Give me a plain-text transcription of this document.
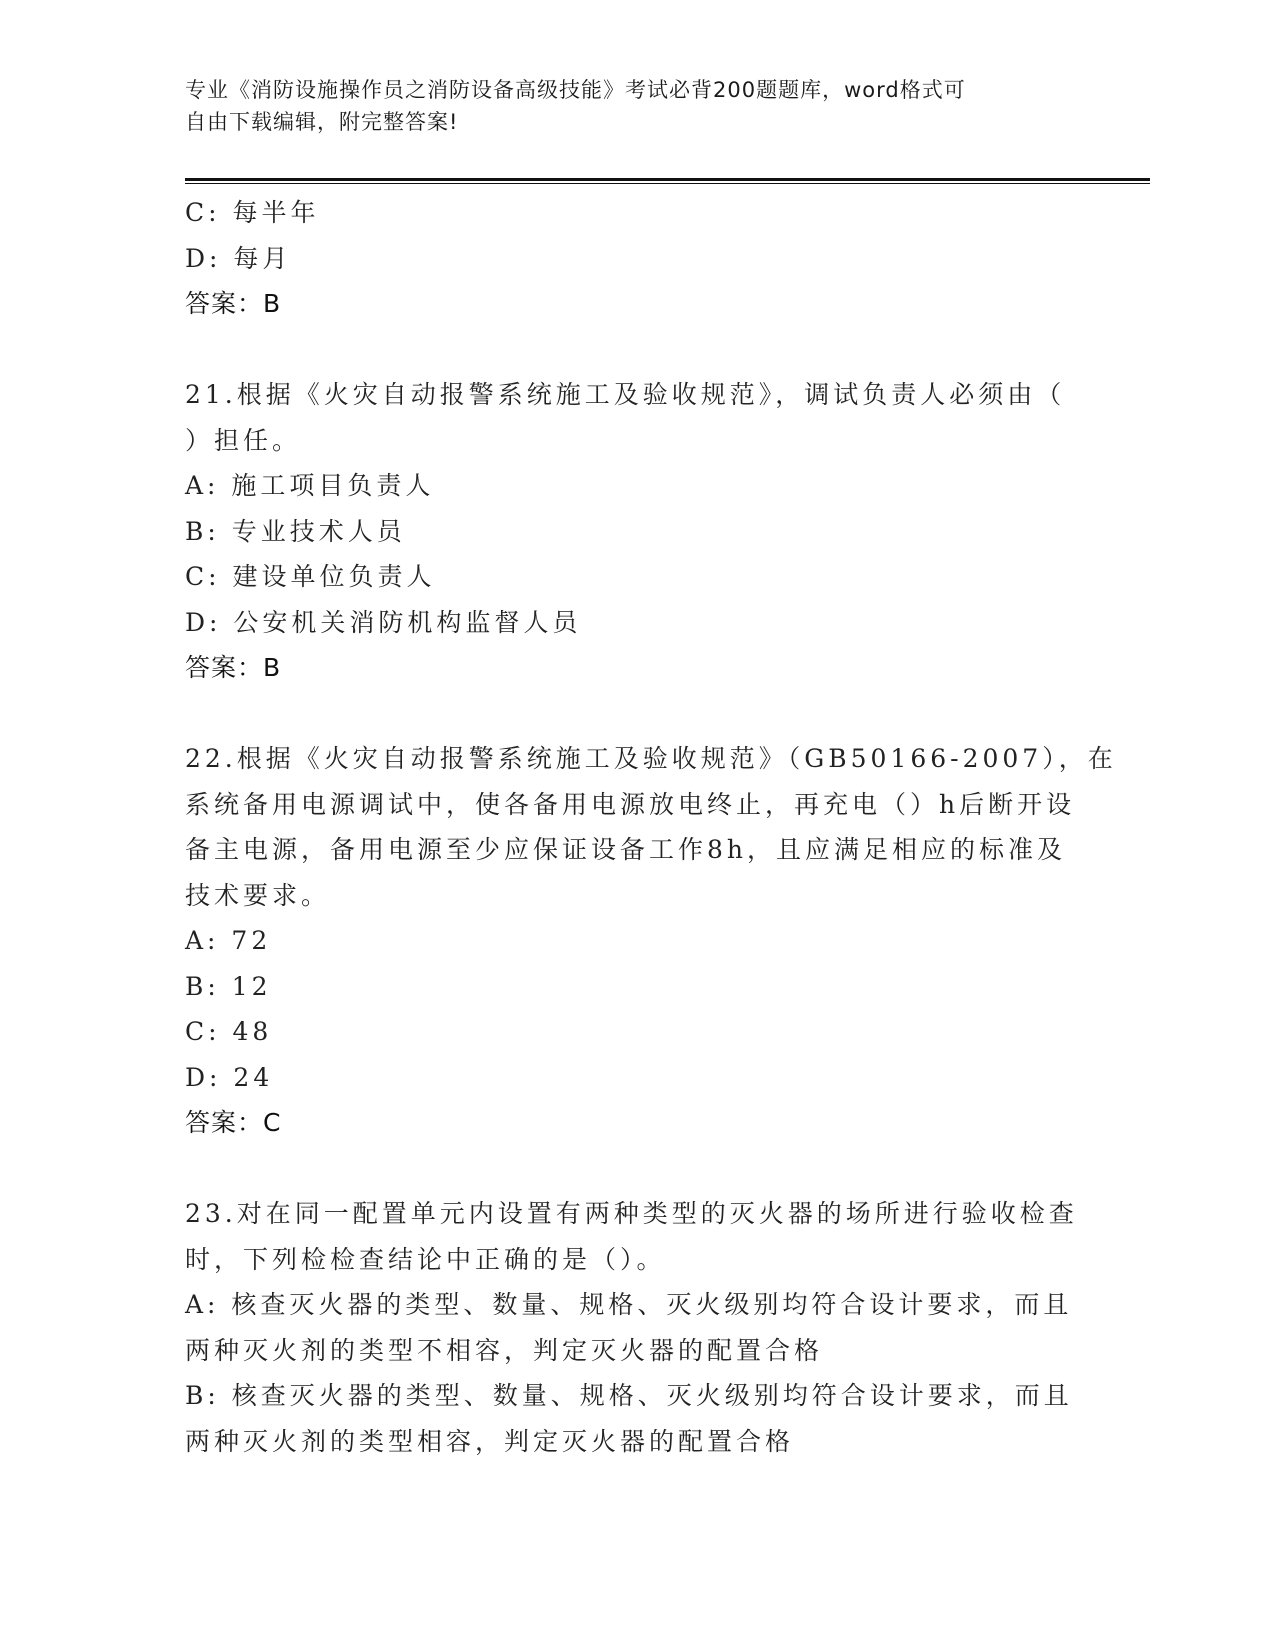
专业《消防设施操作员之消防设备高级技能》考试必背200题题库，word格式可
自由下载编辑，附完整答案!
C: 每半年
D: 每月
答案：B
21.根据《火灾自动报警系统施工及验收规范》，调试负责人必须由（
）担任。
A: 施工项目负责人
B: 专业技术人员
C: 建设单位负责人
D: 公安机关消防机构监督人员
答案：B
22.根据《火灾自动报警系统施工及验收规范》（GB50166-2007），在
系统备用电源调试中，使各备用电源放电终止，再充电（）h后断开设
备主电源，备用电源至少应保证设备工作8h，且应满足相应的标准及
技术要求。
A: 72
B: 12
C: 48
D: 24
答案：C
23.对在同一配置单元内设置有两种类型的灭火器的场所进行验收检查
时，下列检检查结论中正确的是（）。
A: 核查灭火器的类型、数量、规格、灭火级别均符合设计要求，而且
两种灭火剂的类型不相容，判定灭火器的配置合格
B: 核查灭火器的类型、数量、规格、灭火级别均符合设计要求，而且
两种灭火剂的类型相容，判定灭火器的配置合格
